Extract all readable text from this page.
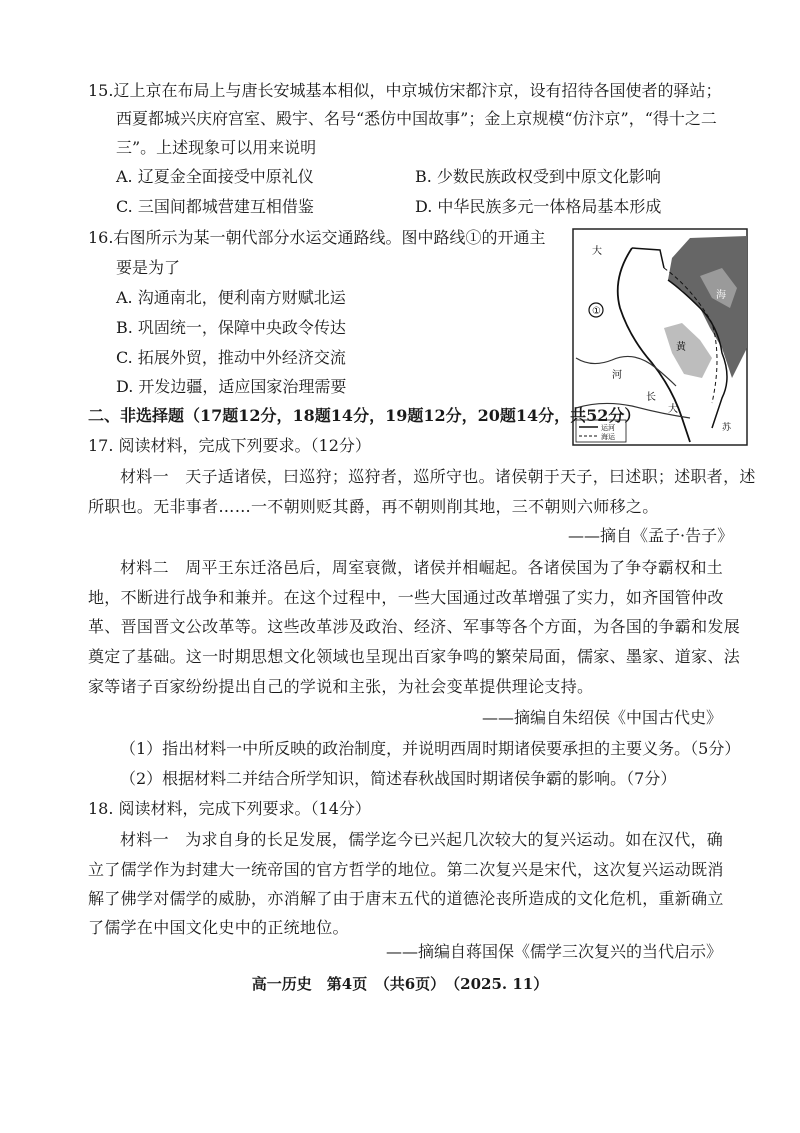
15.辽上京在布局上与唐长安城基本相似，中京城仿宋都汴京，设有招待各国使者的驿站；
西夏都城兴庆府宫室、殿宇、名号“悉仿中国故事”；金上京规模“仿汴京”，“得十之二
三”。上述现象可以用来说明
A. 辽夏金全面接受中原礼仪	B. 少数民族政权受到中原文化影响
C. 三国间都城营建互相借鉴	D. 中华民族多元一体格局基本形成
16.右图所示为某一朝代部分水运交通路线。图中路线①的开通主
要是为了
A. 沟通南北，便利南方财赋北运
B. 巩固统一，保障中央政令传达
C. 拓展外贸，推动中外经济交流
D. 开发边疆，适应国家治理需要
大
海
①
黄
河
长
大
苏
运河
海运
二、非选择题（17题12分，18题14分，19题12分，20题14分，共52分）
17. 阅读材料，完成下列要求。（12分）
材料一　天子适诸侯，曰巡狩；巡狩者，巡所守也。诸侯朝于天子，曰述职；述职者，述
所职也。无非事者……一不朝则贬其爵，再不朝则削其地，三不朝则六师移之。
——摘自《孟子·告子》
材料二　周平王东迁洛邑后，周室衰微，诸侯并相崛起。各诸侯国为了争夺霸权和土
地，不断进行战争和兼并。在这个过程中，一些大国通过改革增强了实力，如齐国管仲改
革、晋国晋文公改革等。这些改革涉及政治、经济、军事等各个方面，为各国的争霸和发展
奠定了基础。这一时期思想文化领域也呈现出百家争鸣的繁荣局面，儒家、墨家、道家、法
家等诸子百家纷纷提出自己的学说和主张，为社会变革提供理论支持。
——摘编自朱绍侯《中国古代史》
（1）指出材料一中所反映的政治制度，并说明西周时期诸侯要承担的主要义务。（5分）
（2）根据材料二并结合所学知识，简述春秋战国时期诸侯争霸的影响。（7分）
18. 阅读材料，完成下列要求。（14分）
材料一　为求自身的长足发展，儒学迄今已兴起几次较大的复兴运动。如在汉代，确
立了儒学作为封建大一统帝国的官方哲学的地位。第二次复兴是宋代，这次复兴运动既消
解了佛学对儒学的威胁，亦消解了由于唐末五代的道德沦丧所造成的文化危机，重新确立
了儒学在中国文化史中的正统地位。
——摘编自蒋国保《儒学三次复兴的当代启示》
高一历史　第4页　（共6页）　（2025. 11）
